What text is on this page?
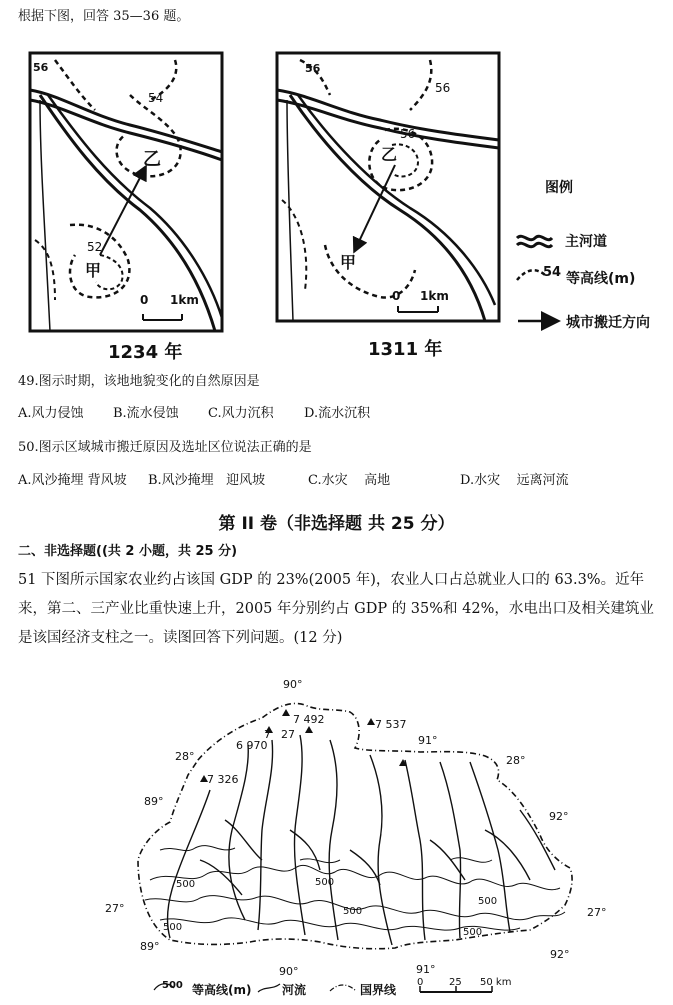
根据下图，回答 35—36 题。
56
54
52
乙
甲
0 1km
1234 年
56
56
56
乙
甲
0 1km
1311 年
图例
主河道
54 等高线(m)
城市搬迁方向
49.图示时期，该地地貌变化的自然原因是
A.风力侵蚀 B.流水侵蚀 C.风力沉积 D.流水沉积
50.图示区域城市搬迁原因及选址区位说法正确的是
A.风沙掩埋 背风坡 B.风沙掩埋   迎风坡	C.水灾    高地	D.水灾    远离河流
第 II 卷（非选择题 共 25 分）
二、非选择题((共 2 小题，共 25 分)
51 下图所示国家农业约占该国 GDP 的 23%(2005 年)，农业人口占总就业人口的 63.3%。近年来，第二、三产业比重快速上升，2005 年分别约占 GDP 的 35%和 42%，水电出口及相关建筑业是该国经济支柱之一。读图回答下列问题。(12 分)
90°
91°
28°	28°
89°
92°
27°	27°
89°
90°	91°
92°
7 492	7 537
7 27
6 970
7 326
500
500
500
500
500
500
500 等高线(m)	河流	国界线
0	25 50 km
